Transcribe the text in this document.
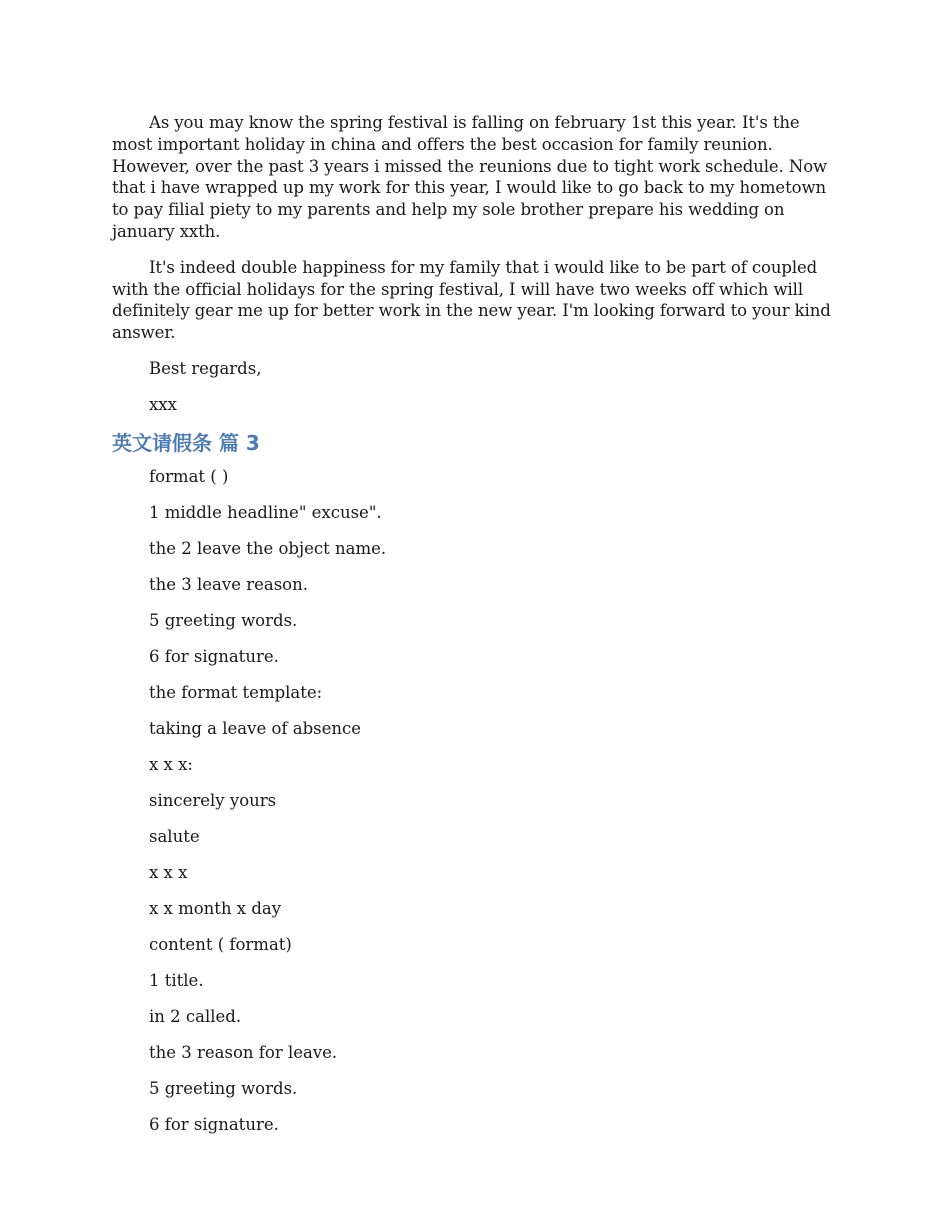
As you may know the spring festival is falling on february 1st this year. It's the most important holiday in china and offers the best occasion for family reunion. However, over the past 3 years i missed the reunions due to tight work schedule. Now that i have wrapped up my work for this year, I would like to go back to my hometown to pay filial piety to my parents and help my sole brother prepare his wedding on january xxth.

It's indeed double happiness for my family that i would like to be part of coupled with the official holidays for the spring festival, I will have two weeks off which will definitely gear me up for better work in the new year. I'm looking forward to your kind answer.

Best regards,

xxx

英文请假条 篇 3

format ( )

1 middle headline" excuse".

the 2 leave the object name.

the 3 leave reason.

5 greeting words.

6 for signature.

the format template:

taking a leave of absence

x x x:

sincerely yours

salute

x x x

x x month x day

content ( format)

1 title.

in 2 called.

the 3 reason for leave.

5 greeting words.

6 for signature.
